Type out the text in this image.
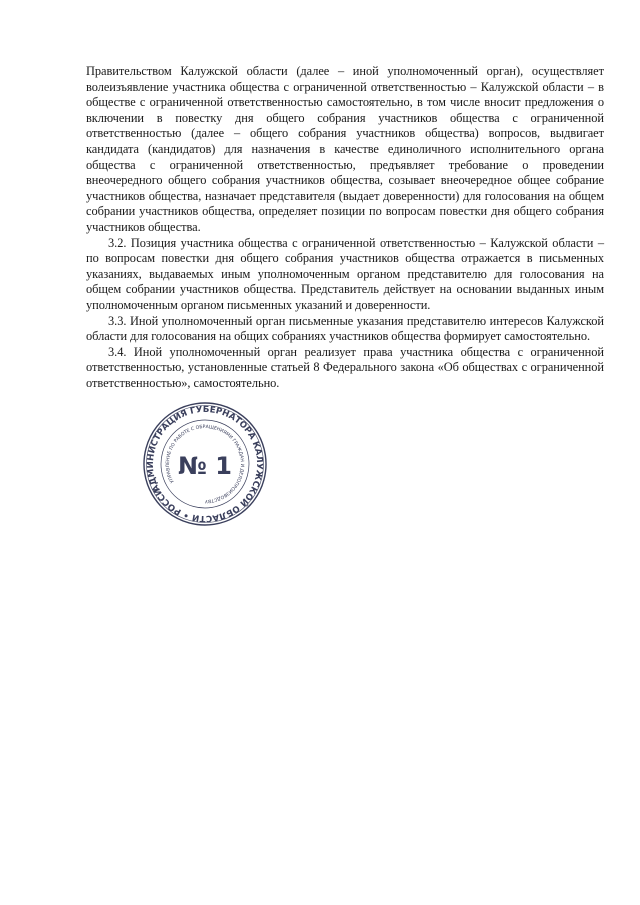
Правительством Калужской области (далее – иной уполномоченный орган), осуществляет волеизъявление участника общества с ограниченной ответственностью – Калужской области – в обществе с ограниченной ответственностью самостоятельно, в том числе вносит предложения о включении в повестку дня общего собрания участников общества с ограниченной ответственностью (далее – общего собрания участников общества) вопросов, выдвигает кандидата (кандидатов) для назначения в качестве единоличного исполнительного органа общества с ограниченной ответственностью, предъявляет требование о проведении внеочередного общего собрания участников общества, созывает внеочередное общее собрание участников общества, назначает представителя (выдает доверенности) для голосования на общем собрании участников общества, определяет позиции по вопросам повестки дня общего собрания участников общества.

3.2. Позиция участника общества с ограниченной ответственностью – Калужской области – по вопросам повестки дня общего собрания участников общества отражается в письменных указаниях, выдаваемых иным уполномоченным органом представителю для голосования на общем собрании участников общества. Представитель действует на основании выданных иным уполномоченным органом письменных указаний и доверенности.

3.3. Иной уполномоченный орган письменные указания представителю интересов Калужской области для голосования на общих собраниях участников общества формирует самостоятельно.

3.4. Иной уполномоченный орган реализует права участника общества с ограниченной ответственностью, установленные статьей 8 Федерального закона «Об обществах с ограниченной ответственностью», самостоятельно.

АДМИНИСТРАЦИЯ ГУБЕРНАТОРА КАЛУЖСКОЙ ОБЛАСТИ • РОССИЙСКАЯ
УПРАВЛЕНИЕ ПО РАБОТЕ С ОБРАЩЕНИЯМИ ГРАЖДАН И ДЕЛОПРОИЗВОДСТВУ
№ 1
